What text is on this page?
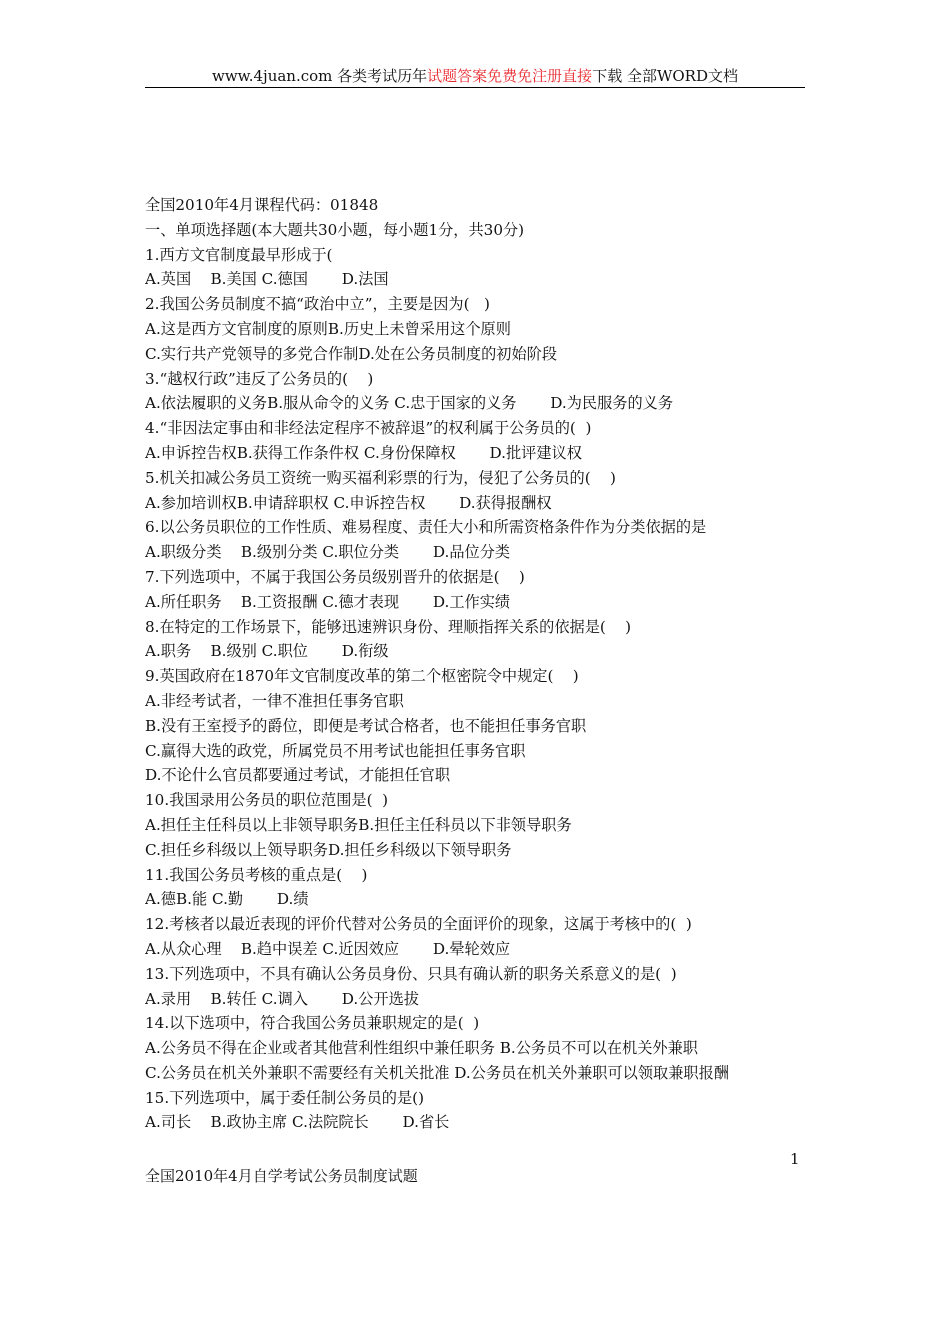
www.4juan.com 各类考试历年试题答案免费免注册直接下载 全部WORD文档
全国2010年4月课程代码：01848
一、单项选择题(本大题共30小题，每小题1分，共30分)
1.西方文官制度最早形成于(
A.英国    B.美国 C.德国       D.法国
2.我国公务员制度不搞“政治中立”，主要是因为(   )
A.这是西方文官制度的原则B.历史上未曾采用这个原则
C.实行共产党领导的多党合作制D.处在公务员制度的初始阶段
3.“越权行政”违反了公务员的(    )
A.依法履职的义务B.服从命令的义务 C.忠于国家的义务       D.为民服务的义务
4.“非因法定事由和非经法定程序不被辞退”的权利属于公务员的(  )
A.申诉控告权B.获得工作条件权 C.身份保障权       D.批评建议权
5.机关扣减公务员工资统一购买福利彩票的行为，侵犯了公务员的(    )
A.参加培训权B.申请辞职权 C.申诉控告权       D.获得报酬权
6.以公务员职位的工作性质、难易程度、责任大小和所需资格条件作为分类依据的是
A.职级分类    B.级别分类 C.职位分类       D.品位分类
7.下列选项中，不属于我国公务员级别晋升的依据是(    )
A.所任职务    B.工资报酬 C.德才表现       D.工作实绩
8.在特定的工作场景下，能够迅速辨识身份、理顺指挥关系的依据是(    )
A.职务    B.级别 C.职位       D.衔级
9.英国政府在1870年文官制度改革的第二个枢密院令中规定(    )
A.非经考试者，一律不准担任事务官职
B.没有王室授予的爵位，即便是考试合格者，也不能担任事务官职
C.赢得大选的政党，所属党员不用考试也能担任事务官职
D.不论什么官员都要通过考试，才能担任官职
10.我国录用公务员的职位范围是(  )
A.担任主任科员以上非领导职务B.担任主任科员以下非领导职务
C.担任乡科级以上领导职务D.担任乡科级以下领导职务
11.我国公务员考核的重点是(    )
A.德B.能 C.勤       D.绩
12.考核者以最近表现的评价代替对公务员的全面评价的现象，这属于考核中的(  )
A.从众心理    B.趋中误差 C.近因效应       D.晕轮效应
13.下列选项中，不具有确认公务员身份、只具有确认新的职务关系意义的是(  )
A.录用    B.转任 C.调入       D.公开选拔
14.以下选项中，符合我国公务员兼职规定的是(  )
A.公务员不得在企业或者其他营利性组织中兼任职务 B.公务员不可以在机关外兼职
C.公务员在机关外兼职不需要经有关机关批准 D.公务员在机关外兼职可以领取兼职报酬
15.下列选项中，属于委任制公务员的是()
A.司长    B.政协主席 C.法院院长       D.省长
1
全国2010年4月自学考试公务员制度试题
